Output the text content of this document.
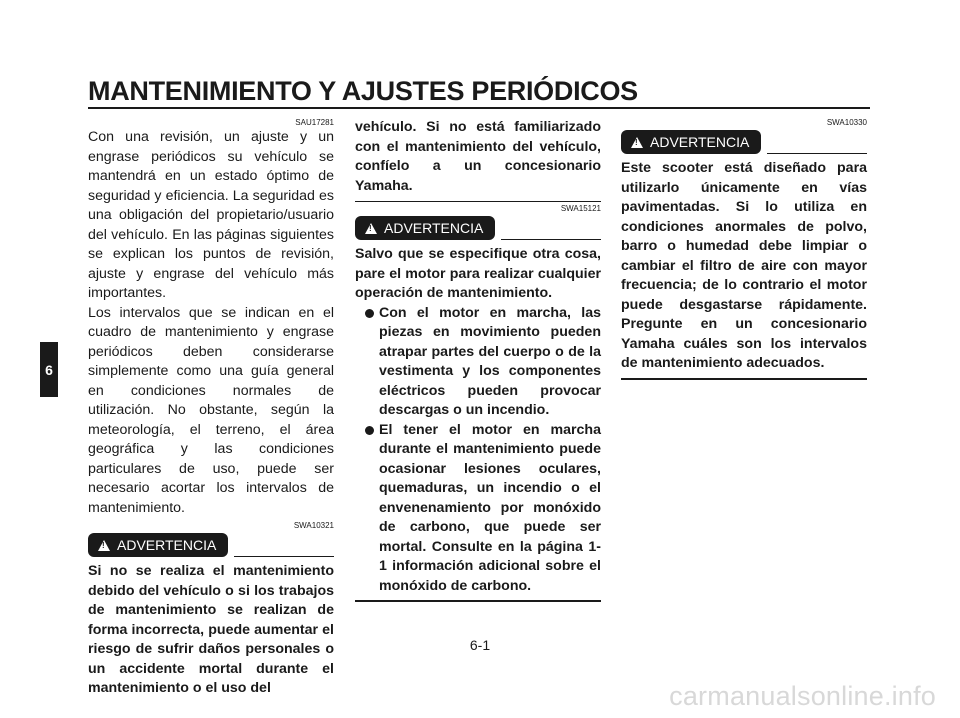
MANTENIMIENTO Y AJUSTES PERIÓDICOS
6
SAU17281

Con una revisión, un ajuste y un engrase periódicos su vehículo se mantendrá en un estado óptimo de seguridad y eficiencia. La seguridad es una obligación del propietario/usuario del vehículo. En las páginas siguientes se explican los puntos de revisión, ajuste y engrase del vehículo más importantes.

Los intervalos que se indican en el cuadro de mantenimiento y engrase periódicos deben considerarse simplemente como una guía general en condiciones normales de utilización. No obstante, según la meteorología, el terreno, el área geográfica y las condiciones particulares de uso, puede ser necesario acortar los intervalos de mantenimiento.

SWA10321
! ADVERTENCIA

Si no se realiza el mantenimiento debido del vehículo o si los trabajos de mantenimiento se realizan de forma incorrecta, puede aumentar el riesgo de sufrir daños personales o un accidente mortal durante el mantenimiento o el uso del

vehículo. Si no está familiarizado con el mantenimiento del vehículo, confíelo a un concesionario Yamaha.

SWA15121
! ADVERTENCIA

Salvo que se especifique otra cosa, pare el motor para realizar cualquier operación de mantenimiento.

Con el motor en marcha, las piezas en movimiento pueden atrapar partes del cuerpo o de la vestimenta y los componentes eléctricos pueden provocar descargas o un incendio.
El tener el motor en marcha durante el mantenimiento puede ocasionar lesiones oculares, quemaduras, un incendio o el envenenamiento por monóxido de carbono, que puede ser mortal. Consulte en la página 1-1 información adicional sobre el monóxido de carbono.
SWA10330
! ADVERTENCIA

Este scooter está diseñado para utilizarlo únicamente en vías pavimentadas. Si lo utiliza en condiciones anormales de polvo, barro o humedad debe limpiar o cambiar el filtro de aire con mayor frecuencia; de lo contrario el motor puede desgastarse rápidamente. Pregunte en un concesionario Yamaha cuáles son los intervalos de mantenimiento adecuados.

6-1
carmanualsonline.info
